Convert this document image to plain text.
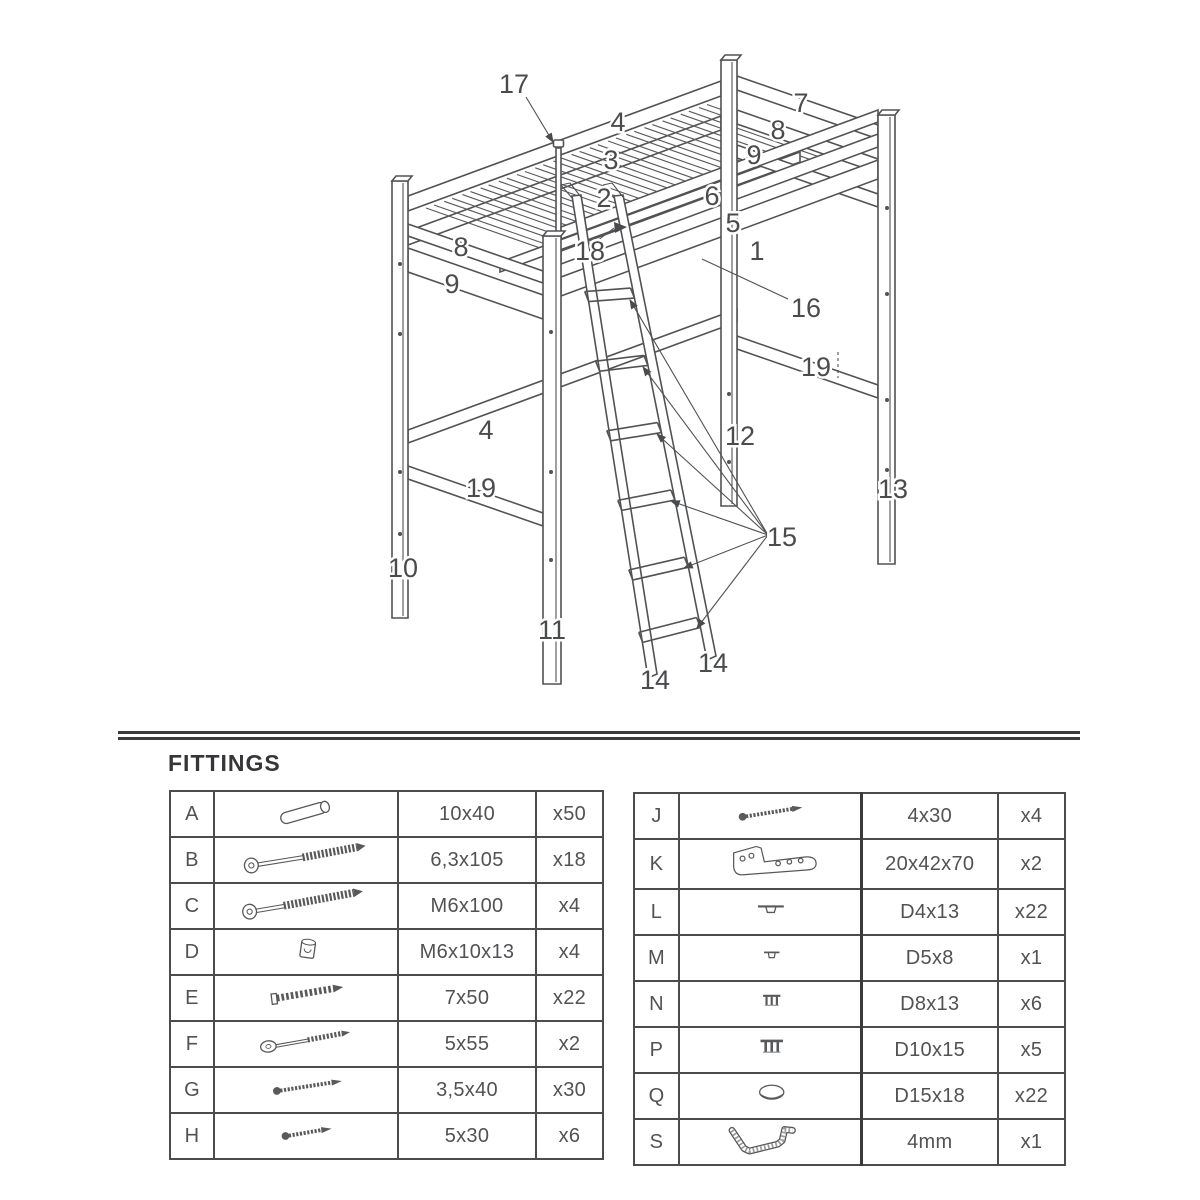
17
4
7
8
3	9
2	6
5
1
18
8
9
16
19
12
4
19	13
15
10
11
14
14
FITTINGS
A		10x40	x50
B		6,3x105	x18
C		M6x100	x4
D		M6x10x13	x4
E		7x50	x22
F		5x55	x2
G		3,5x40	x30
H		5x30	x6
J		4x30	x4
K		20x42x70	x2
L		D4x13	x22
M		D5x8	x1
N		D8x13	x6
P		D10x15	x5
Q		D15x18	x22
S		4mm	x1
